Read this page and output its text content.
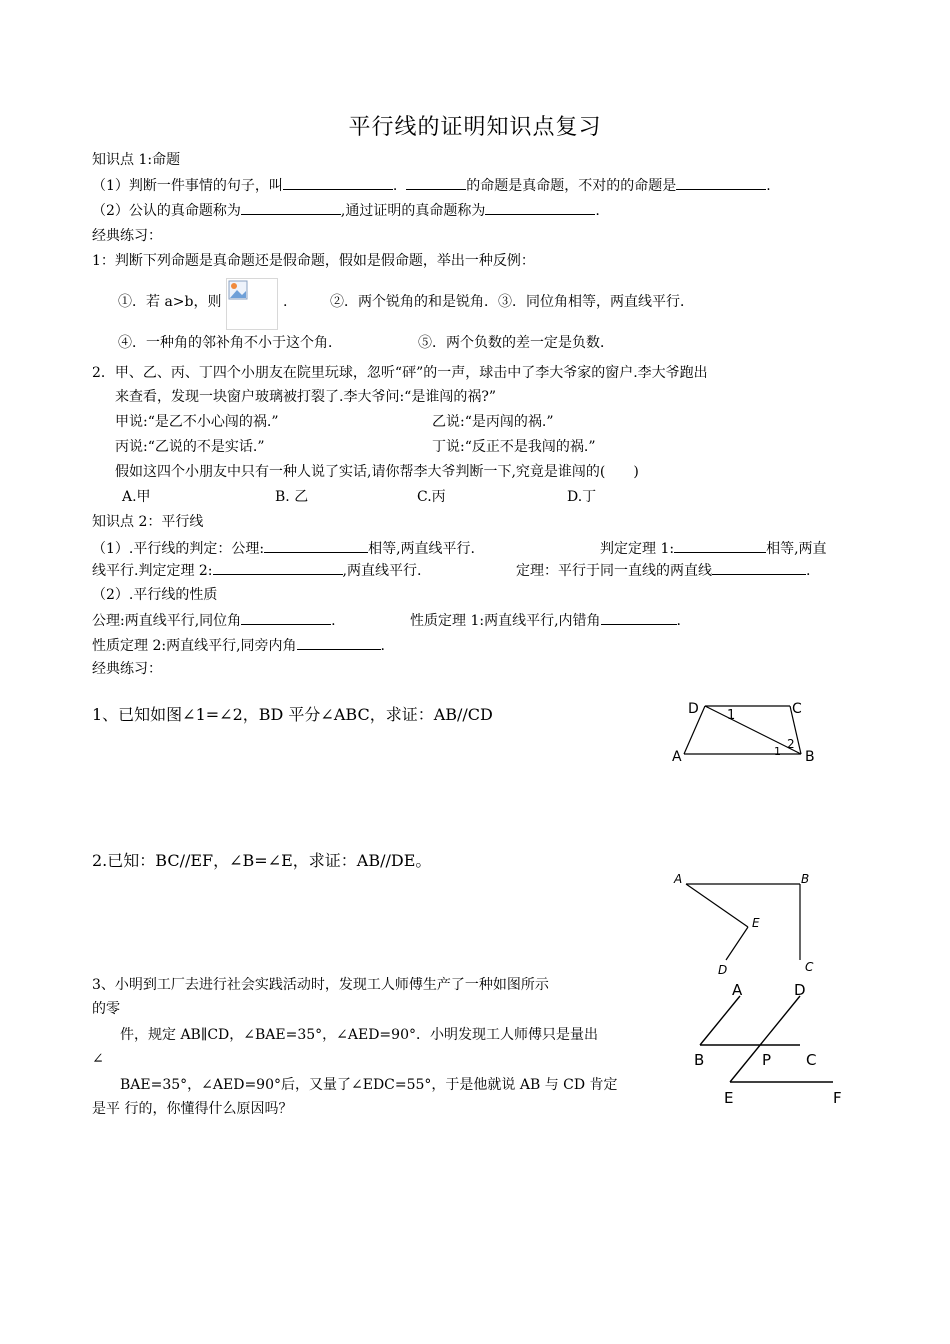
平行线的证明知识点复习
知识点 1:命题
（1）判断一件事情的句子，叫	.	的命题是真命题，不对的的命题是	.
（2）公认的真命题称为	,通过证明的真命题称为	.
经典练习：
1：判断下列命题是真命题还是假命题，假如是假命题，举出一种反例：
①．若 a>b，则	.	②．两个锐角的和是锐角．③．同位角相等，两直线平行．
④．一种角的邻补角不小于这个角．	⑤．两个负数的差一定是负数．
2．甲、乙、丙、丁四个小朋友在院里玩球，忽听“砰”的一声，球击中了李大爷家的窗户.李大爷跑出
来查看，发现一块窗户玻璃被打裂了.李大爷问:“是谁闯的祸?”
甲说:“是乙不小心闯的祸.”	乙说:“是丙闯的祸.”
丙说:“乙说的不是实话.”	丁说:“反正不是我闯的祸.”
假如这四个小朋友中只有一种人说了实话,请你帮李大爷判断一下,究竟是谁闯的(　　)
A.甲	B. 乙	C.丙	D.丁
知识点 2：平行线
（1）.平行线的判定：公理:	相等,两直线平行.	判定定理 1:	相等,两直
线平行.判定定理 2:	,两直线平行.	定理：平行于同一直线的两直线	.
（2）.平行线的性质
公理:两直线平行,同位角	.	性质定理 1:两直线平行,内错角	.
性质定理 2:两直线平行,同旁内角	.
经典练习：
1、已知如图∠1=∠2，BD 平分∠ABC，求证：AB//CD	D	C
A	B
1
2
1
2.已知：BC//EF，∠B=∠E，求证：AB//DE。
A	B
E
D	C
3、小明到工厂去进行社会实践活动时，发现工人师傅生产了一种如图所示
的零
件，规定 AB∥CD，∠BAE=35°，∠AED=90°．小明发现工人师傅只是量出
∠
BAE=35°，∠AED=90°后，又量了∠EDC=55°，于是他就说 AB 与 CD 肯定
是平 行的，你懂得什么原因吗？
A	D
B	P C
E	F
